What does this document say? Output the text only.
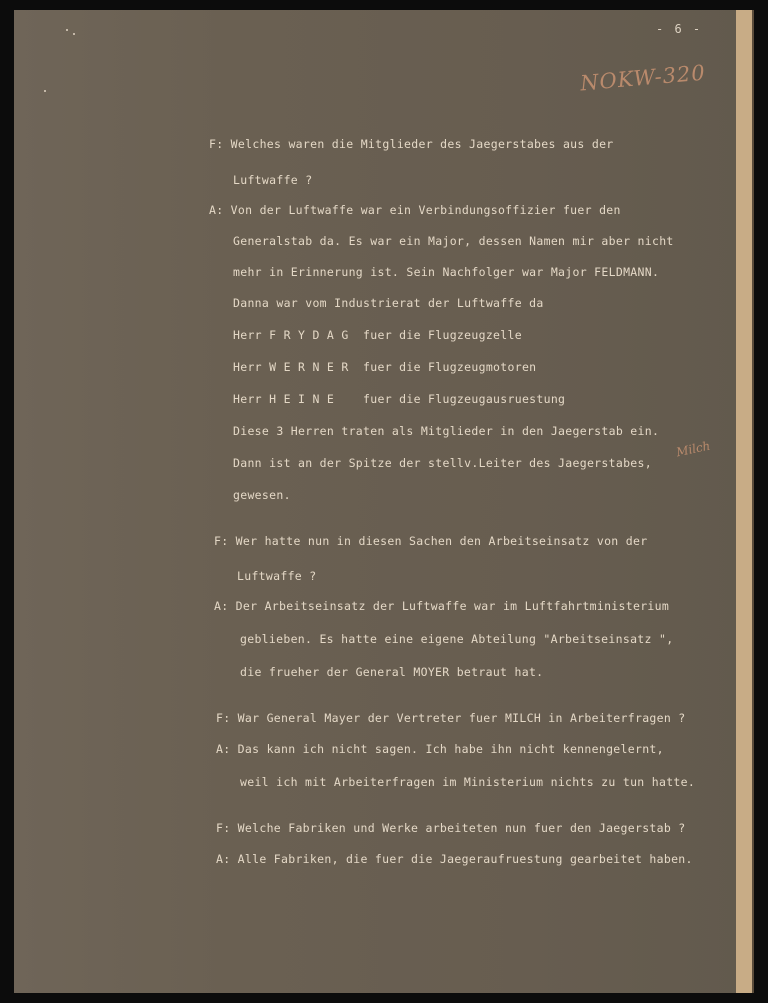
- 6 -
NOKW-320
Milch
F: Welches waren die Mitglieder des Jaegerstabes aus der
Luftwaffe ?
A: Von der Luftwaffe war ein Verbindungsoffizier fuer den
Generalstab da. Es war ein Major, dessen Namen mir aber nicht
mehr in Erinnerung ist. Sein Nachfolger war Major FELDMANN.
Danna war vom Industrierat der Luftwaffe da
Herr F R Y D A G  fuer die Flugzeugzelle
Herr W E R N E R  fuer die Flugzeugmotoren
Herr H E I N E    fuer die Flugzeugausruestung
Diese 3 Herren traten als Mitglieder in den Jaegerstab ein.
Dann ist an der Spitze der stellv.Leiter des Jaegerstabes,
gewesen.
F: Wer hatte nun in diesen Sachen den Arbeitseinsatz von der
Luftwaffe ?
A: Der Arbeitseinsatz der Luftwaffe war im Luftfahrtministerium
geblieben. Es hatte eine eigene Abteilung "Arbeitseinsatz ",
die frueher der General MOYER betraut hat.
F: War General Mayer der Vertreter fuer MILCH in Arbeiterfragen ?
A: Das kann ich nicht sagen. Ich habe ihn nicht kennengelernt,
weil ich mit Arbeiterfragen im Ministerium nichts zu tun hatte.
F: Welche Fabriken und Werke arbeiteten nun fuer den Jaegerstab ?
A: Alle Fabriken, die fuer die Jaegeraufruestung gearbeitet haben.
